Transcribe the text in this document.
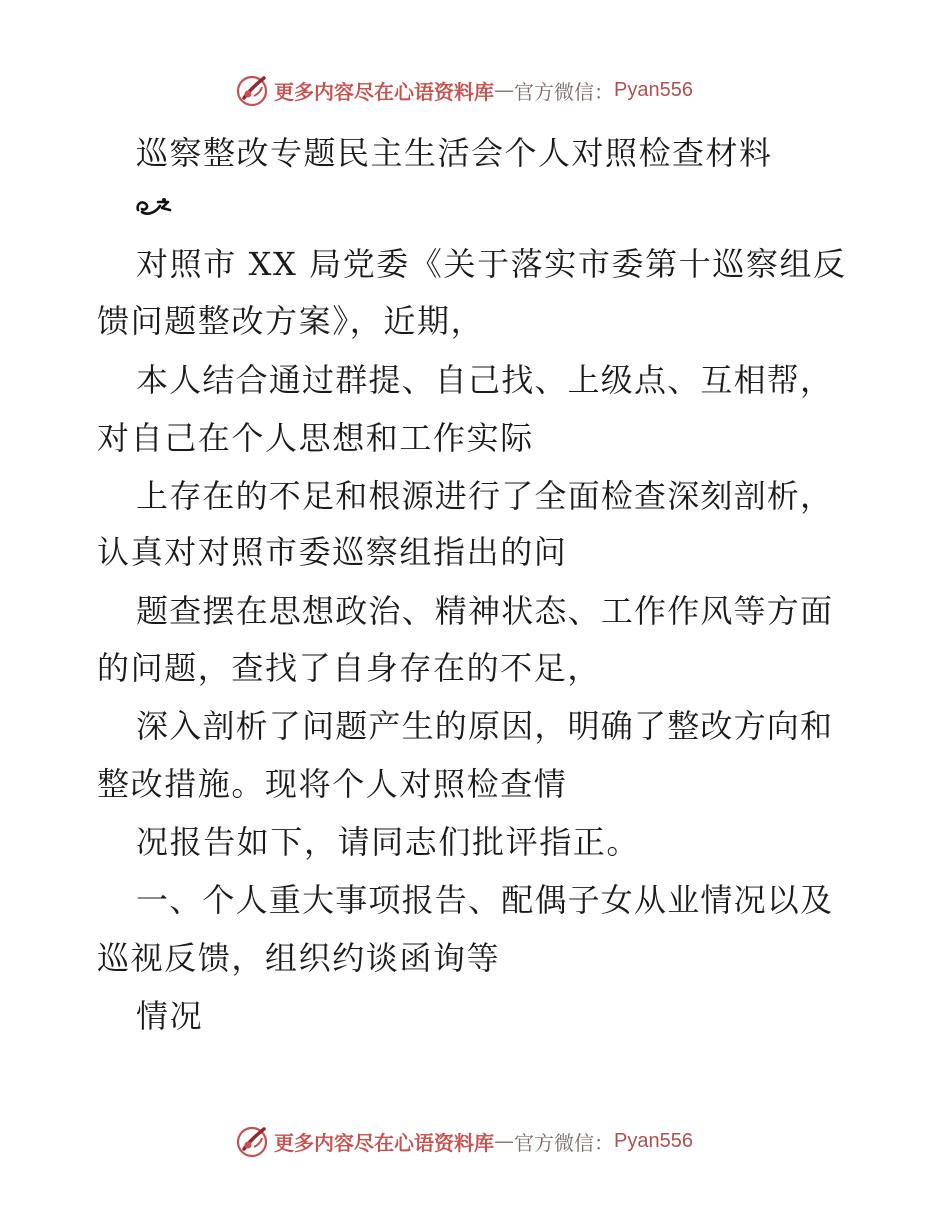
更多内容尽在心语资料库 — 官方微信： Pyan556
巡察整改专题民主生活会个人对照检查材料
对照市 XX 局党委《关于落实市委第十巡察组反
馈问题整改方案》，近期，
本人结合通过群提、自己找、上级点、互相帮，
对自己在个人思想和工作实际
上存在的不足和根源进行了全面检查深刻剖析，
认真对对照市委巡察组指出的问
题查摆在思想政治、精神状态、工作作风等方面
的问题，查找了自身存在的不足，
深入剖析了问题产生的原因，明确了整改方向和
整改措施。现将个人对照检查情
况报告如下，请同志们批评指正。
一、个人重大事项报告、配偶子女从业情况以及
巡视反馈，组织约谈函询等
情况
更多内容尽在心语资料库 — 官方微信： Pyan556
